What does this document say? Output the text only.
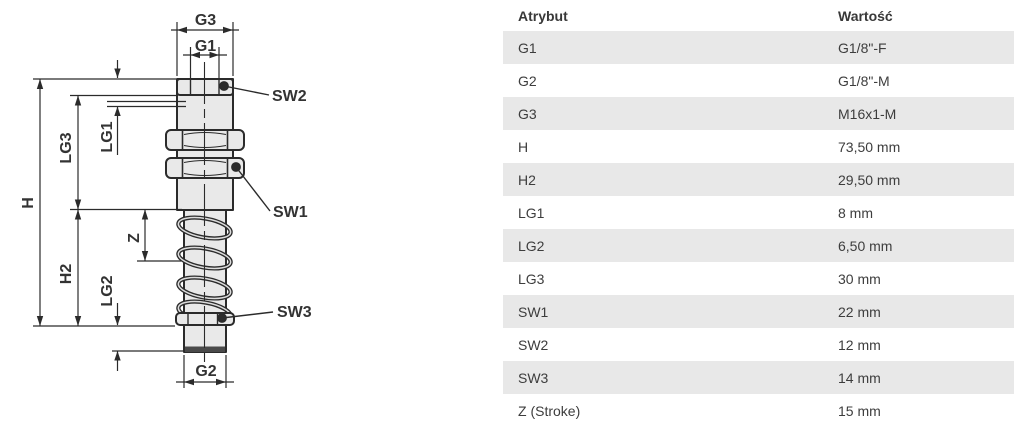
G3
G1
H
LG3 LG1
H2
Z
LG2
G2
SW2
SW1
SW3
Atrybut	Wartość
G1	G1/8"-F
G2	G1/8"-M
G3	M16x1-M
H	73,50 mm
H2	29,50 mm
LG1	8 mm
LG2	6,50 mm
LG3	30 mm
SW1	22 mm
SW2	12 mm
SW3	14 mm
Z (Stroke)	15 mm
